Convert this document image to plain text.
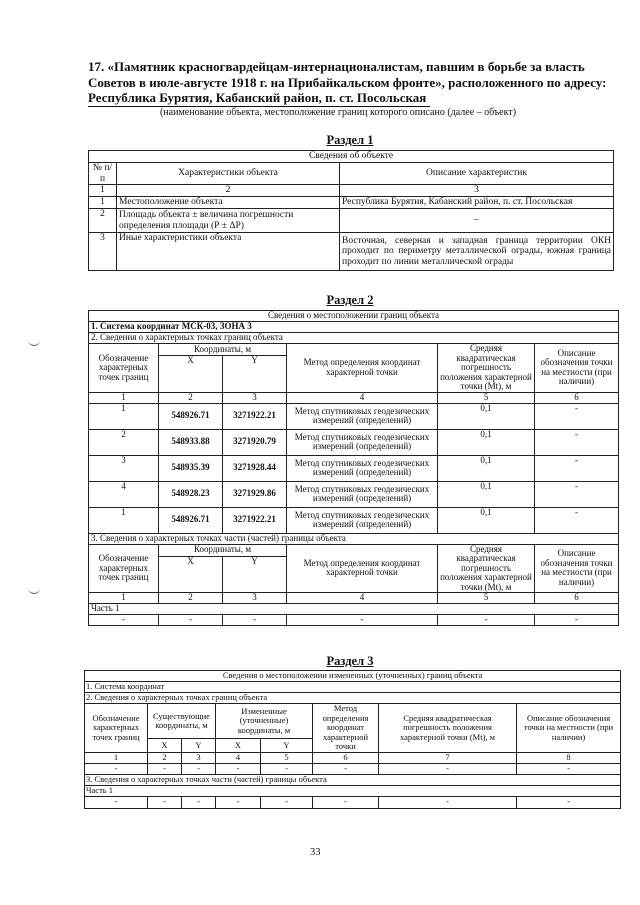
17. «Памятник красногвардейцам-интернационалистам, павшим в борьбе за власть
Советов в июле-августе 1918 г. на Прибайкальском фронте», расположенного по адресу:
Республика Бурятия, Кабанский район, п. ст. Посольская
(наименование объекта, местоположение границ которого описано (далее – объект)
Раздел 1
Сведения об объекте		
№ п/п	Характеристики объекта	Описание характеристик
1	2	3
1	Местоположение объекта	Республика Бурятия, Кабанский район, п. ст. Посольская
2	Площадь объекта ± величина погрешности определения площади (Р ± ΔР)	–
3	Иные характеристики объекта	Восточная, северная и западная граница территории ОКН проходит по периметру металлической ограды, южная граница проходит по линии металлической ограды
Раздел 2
Сведения о местоположении границ объекта					
1. Система координат МСК-03, ЗОНА 3					
2. Сведения о характерных точках границ объекта					
Обозначение характерных точек границ	Координаты, м		Метод определения координат характерной точки	Средняя квадратическая погрешность положения характерной точки (Mt), м	Описание обозначения точки на местности (при наличии)
	X	Y			
1	2	3	4	5	6
1	548926.71	3271922.21	Метод спутниковых геодезических измерений (определений)	0,1	-
2	548933.88	3271920.79	Метод спутниковых геодезических измерений (определений)	0,1	-
3	548935.39	3271928.44	Метод спутниковых геодезических измерений (определений)	0,1	-
4	548928.23	3271929.86	Метод спутниковых геодезических измерений (определений)	0,1	-
1	548926.71	3271922.21	Метод спутниковых геодезических измерений (определений)	0,1	-
3. Сведения о характерных точках части (частей) границы объекта					
Обозначение характерных точек границ	Координаты, м		Метод определения координат характерной точки	Средняя квадратическая погрешность положения характерной точки (Mt), м	Описание обозначения точки на местности (при наличии)
	X	Y			
1	2	3	4	5	6
Часть 1					
-	-	-	-	-	-
Раздел 3
Сведения о местоположении измененных (уточненных) границ объекта							
1. Система координат							
2. Сведения о характерных точках границ объекта							
Обозначение характерных точек границ	Существующие координаты, м		Измененные (уточненные) координаты, м		Метод определения координат характерной точки	Средняя квадратическая погрешность положения характерной точки (Mt), м	Описание обозначения точки на местности (при наличии)
	X	Y	X	Y			
1	2	3	4	5	6	7	8
-	-	-	-	-	-	-	-
3. Сведения о характерных точках части (частей) границы объекта							
Часть 1							
-	-	-	-	-	-	-	-
33
